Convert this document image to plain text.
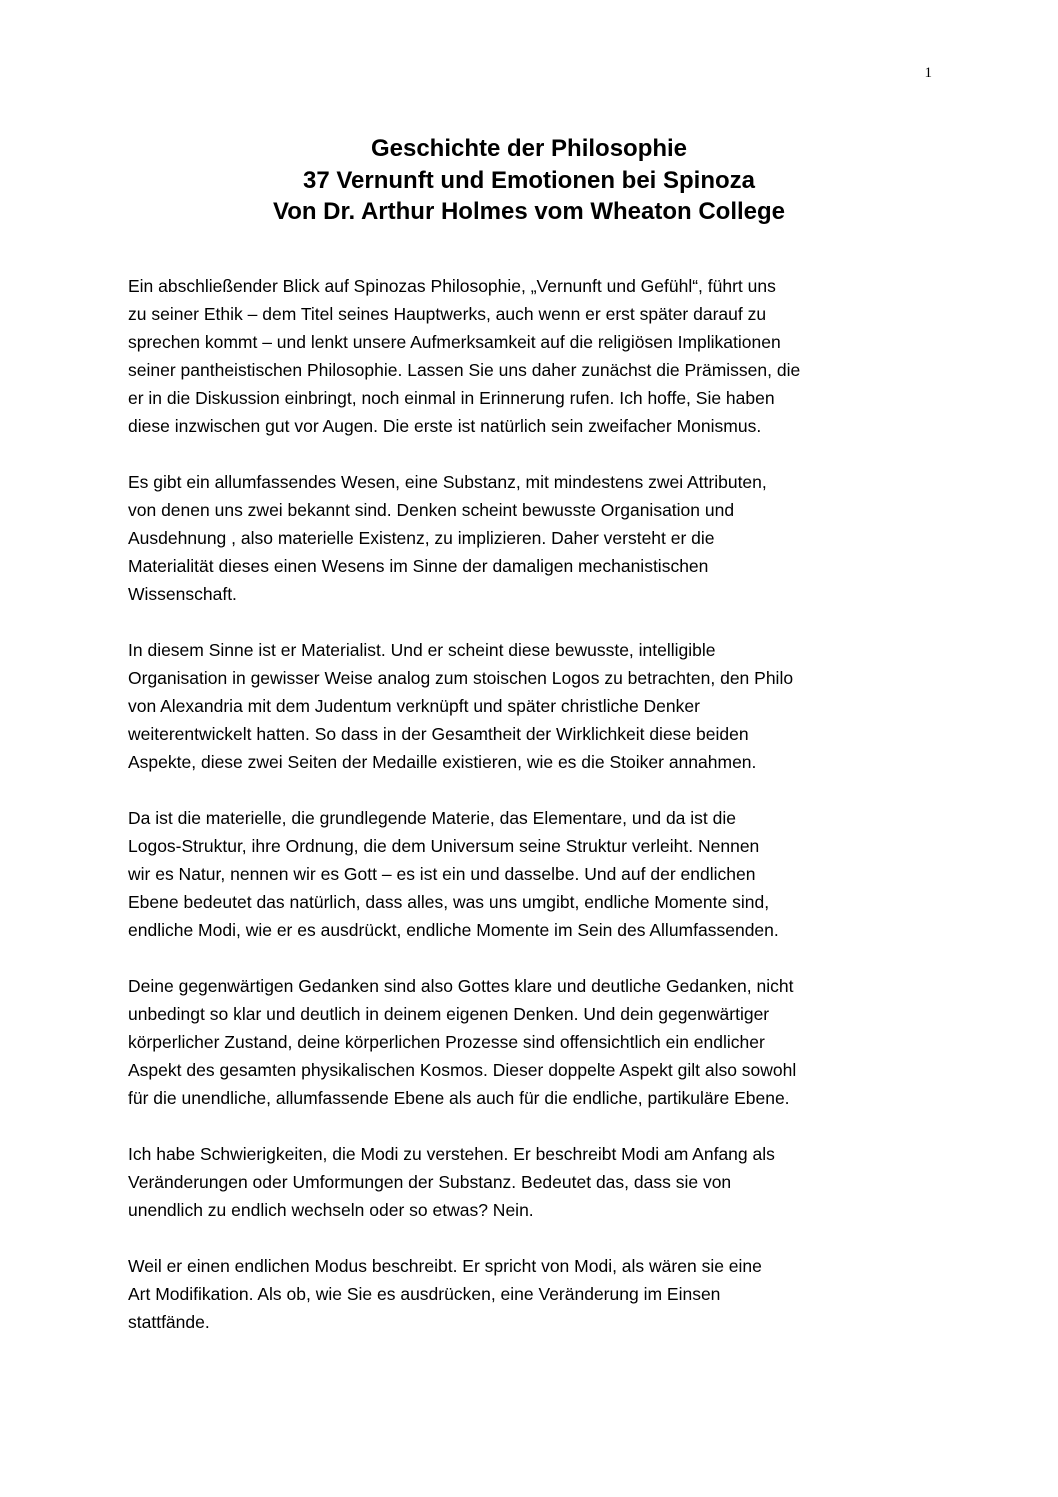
1
Geschichte der Philosophie
37 Vernunft und Emotionen bei Spinoza
Von Dr. Arthur Holmes vom Wheaton College

Ein abschließender Blick auf Spinozas Philosophie, „Vernunft und Gefühl“, führt uns
zu seiner Ethik – dem Titel seines Hauptwerks, auch wenn er erst später darauf zu
sprechen kommt – und lenkt unsere Aufmerksamkeit auf die religiösen Implikationen
seiner pantheistischen Philosophie. Lassen Sie uns daher zunächst die Prämissen, die
er in die Diskussion einbringt, noch einmal in Erinnerung rufen. Ich hoffe, Sie haben
diese inzwischen gut vor Augen. Die erste ist natürlich sein zweifacher Monismus.

Es gibt ein allumfassendes Wesen, eine Substanz, mit mindestens zwei Attributen,
von denen uns zwei bekannt sind. Denken scheint bewusste Organisation und
Ausdehnung , also materielle Existenz, zu implizieren. Daher versteht er die
Materialität dieses einen Wesens im Sinne der damaligen mechanistischen
Wissenschaft.

In diesem Sinne ist er Materialist. Und er scheint diese bewusste, intelligible
Organisation in gewisser Weise analog zum stoischen Logos zu betrachten, den Philo
von Alexandria mit dem Judentum verknüpft und später christliche Denker
weiterentwickelt hatten. So dass in der Gesamtheit der Wirklichkeit diese beiden
Aspekte, diese zwei Seiten der Medaille existieren, wie es die Stoiker annahmen.

Da ist die materielle, die grundlegende Materie, das Elementare, und da ist die
Logos-Struktur, ihre Ordnung, die dem Universum seine Struktur verleiht. Nennen
wir es Natur, nennen wir es Gott – es ist ein und dasselbe. Und auf der endlichen
Ebene bedeutet das natürlich, dass alles, was uns umgibt, endliche Momente sind,
endliche Modi, wie er es ausdrückt, endliche Momente im Sein des Allumfassenden.

Deine gegenwärtigen Gedanken sind also Gottes klare und deutliche Gedanken, nicht
unbedingt so klar und deutlich in deinem eigenen Denken. Und dein gegenwärtiger
körperlicher Zustand, deine körperlichen Prozesse sind offensichtlich ein endlicher
Aspekt des gesamten physikalischen Kosmos. Dieser doppelte Aspekt gilt also sowohl
für die unendliche, allumfassende Ebene als auch für die endliche, partikuläre Ebene.

Ich habe Schwierigkeiten, die Modi zu verstehen. Er beschreibt Modi am Anfang als
Veränderungen oder Umformungen der Substanz. Bedeutet das, dass sie von
unendlich zu endlich wechseln oder so etwas? Nein.

Weil er einen endlichen Modus beschreibt. Er spricht von Modi, als wären sie eine
Art Modifikation. Als ob, wie Sie es ausdrücken, eine Veränderung im Einsen
stattfände.
